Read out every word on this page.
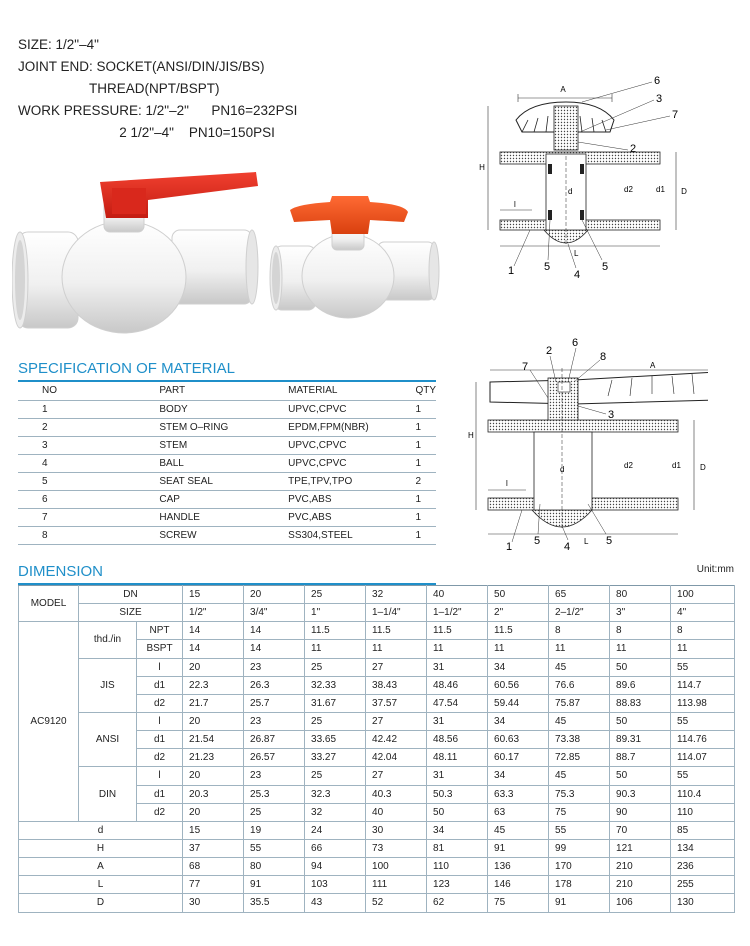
SIZE: 1/2"–4"
JOINT END: SOCKET(ANSI/DIN/JIS/BS)
THREAD(NPT/BSPT)
WORK PRESSURE: 1/2"–2"      PN16=232PSI
2 1/2"–4"    PN10=150PSI
A
H
D
d	d1
d2
l
L
6
3
7
2
1	5
4
5
SPECIFICATION OF MATERIAL
NO	PART	MATERIAL	QTY
1	BODY	UPVC,CPVC	1
2	STEM O–RING	EPDM,FPM(NBR)	1
3	STEM	UPVC,CPVC	1
4	BALL	UPVC,CPVC	1
5	SEAT SEAL	TPE,TPV,TPO	2
6	CAP	PVC,ABS	1
7	HANDLE	PVC,ABS	1
8	SCREW	SS304,STEEL	1
A
H
D
d	d1
d2
l
L
2
6
8
7
3
1 5 4	5
DIMENSION	Unit:mm
MODEL	DN		15	20	25	32	40	50	65	80	100
	SIZE		1/2"	3/4"	1"	1–1/4"	1–1/2"	2"	2–1/2"	3"	4"
AC9120	thd./in	NPT	14	14	11.5	11.5	11.5	11.5	8	8	8
		BSPT	14	14	11	11	11	11	11	11	11
	JIS	l	20	23	25	27	31	34	45	50	55
		d1	22.3	26.3	32.33	38.43	48.46	60.56	76.6	89.6	114.7
		d2	21.7	25.7	31.67	37.57	47.54	59.44	75.87	88.83	113.98
	ANSI	l	20	23	25	27	31	34	45	50	55
		d1	21.54	26.87	33.65	42.42	48.56	60.63	73.38	89.31	114.76
		d2	21.23	26.57	33.27	42.04	48.11	60.17	72.85	88.7	114.07
	DIN	l	20	23	25	27	31	34	45	50	55
		d1	20.3	25.3	32.3	40.3	50.3	63.3	75.3	90.3	110.4
		d2	20	25	32	40	50	63	75	90	110
d			15	19	24	30	34	45	55	70	85
H			37	55	66	73	81	91	99	121	134
A			68	80	94	100	110	136	170	210	236
L			77	91	103	111	123	146	178	210	255
D			30	35.5	43	52	62	75	91	106	130
